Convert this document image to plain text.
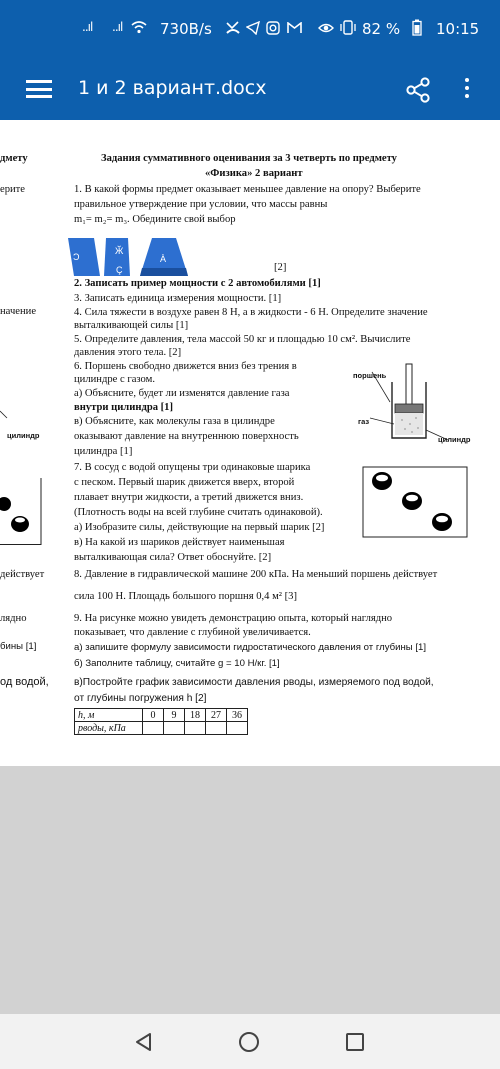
..ıl ..ıl	730B/s	82 % 10:15
1 и 2 вариант.docx
дмету
ерите
начение
цилиндр
действует
лядно
бины [1]
од водой,
Задания суммативного оценивания за 3 четверть по предмету
«Физика» 2 вариант
1. В какой формы предмет оказывает меньшее давление на опору? Выберите
правильное утверждение при условии, что массы равны
m₁= m₂= m₃. Обедините свой выбор
Ͻ
Ӂ
Ç
À
[2]
2. Записать пример мощности с 2 автомобилями [1]
3. Записать единица измерения мощности. [1]
4. Сила тяжести в воздухе равен 8 Н, а в жидкости - 6 Н. Определите значение
выталкивающей силы [1]
5. Определите давления, тела массой 50 кг и площадью 10 см². Вычислите
давления этого тела. [2]
6. Поршень свободно движется вниз без трения в
цилиндре с газом.
а) Объясните, будет ли изменятся давление газа
внутри цилиндра [1]
в) Объясните, как молекулы газа в цилиндре
оказывают давление на внутреннюю поверхность
цилиндра [1]
поршень
газ
цилиндр
7. В сосуд с водой опущены три одинаковые шарика
с песком. Первый шарик движется вверх, второй
плавает внутри жидкости, а третий движется вниз.
(Плотность воды на всей глубине считать одинаковой).
а) Изобразите силы, действующие на первый шарик [2]
в) На какой из шариков действует наименьшая
выталкивающая сила? Ответ обоснуйте. [2]
8. Давление в гидравлической машине 200 кПа. На меньший поршень действует
сила 100 Н. Площадь большого поршня 0,4 м² [3]
9. На рисунке можно увидеть демонстрацию опыта, который наглядно
показывает, что давление с глубиной увеличивается.
а) запишите формулу зависимости гидростатического давления от глубины [1]
б) Заполните таблицу, считайте g = 10 Н/кг. [1]
в)Постройте график зависимости давления pводы, измеряемого под водой,
от глубины погружения h [2]
h, м	0	9	18	27	36
pводы, кПа					
